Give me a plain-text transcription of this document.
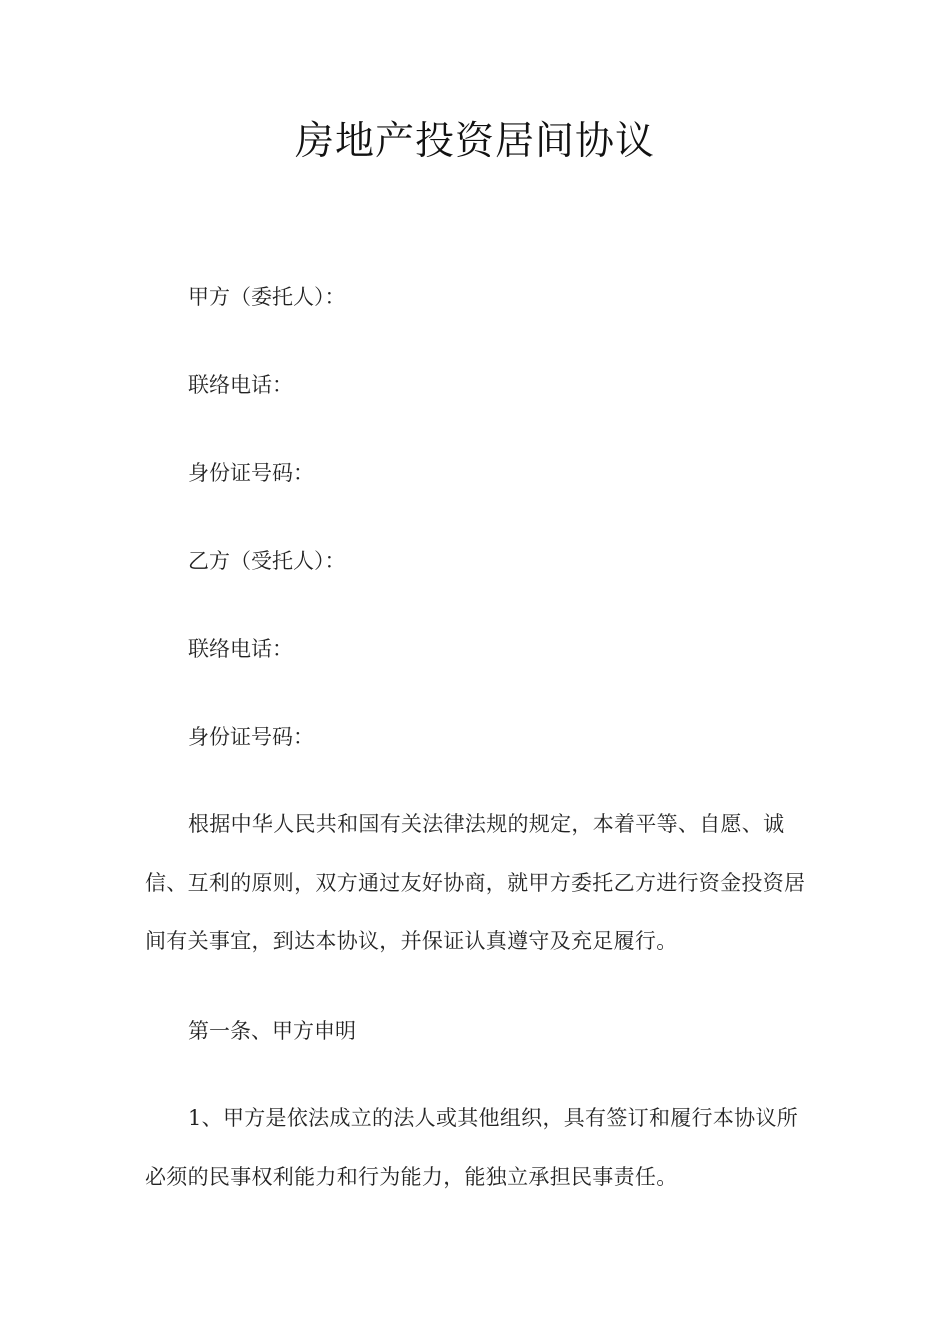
房地产投资居间协议
甲方（委托人）：
联络电话：
身份证号码：
乙方（受托人）：
联络电话：
身份证号码：

根据中华人民共和国有关法律法规的规定，本着平等、自愿、诚信、互利的原则，双方通过友好协商，就甲方委托乙方进行资金投资居间有关事宜，到达本协议，并保证认真遵守及充足履行。

第一条、甲方申明

1、甲方是依法成立的法人或其他组织，具有签订和履行本协议所必须的民事权利能力和行为能力，能独立承担民事责任。
